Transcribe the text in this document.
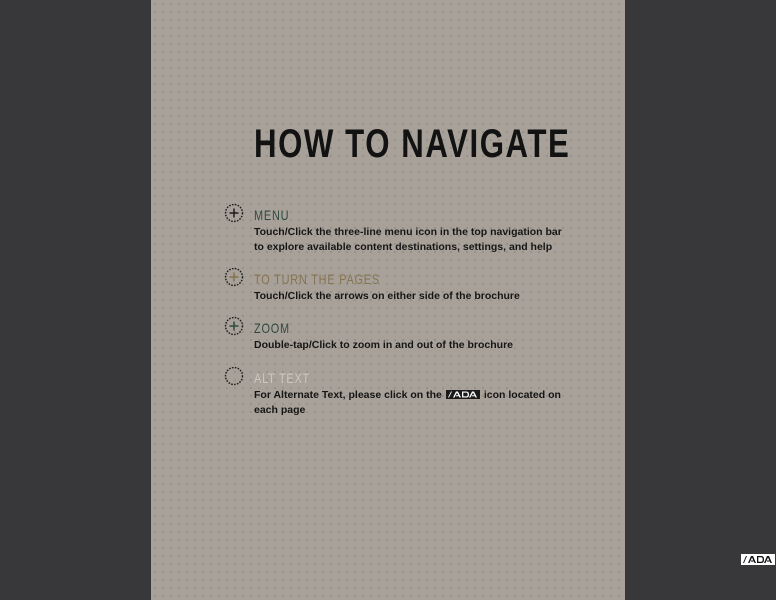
HOW TO NAVIGATE
MENU

Touch/Click the three-line menu icon in the top navigation bar to explore available content destinations, settings, and help

TO TURN THE PAGES

Touch/Click the arrows on either side of the brochure

ZOOM

Double-tap/Click to zoom in and out of the brochure

ALT TEXT

For Alternate Text, please click on the	icon located on each page
